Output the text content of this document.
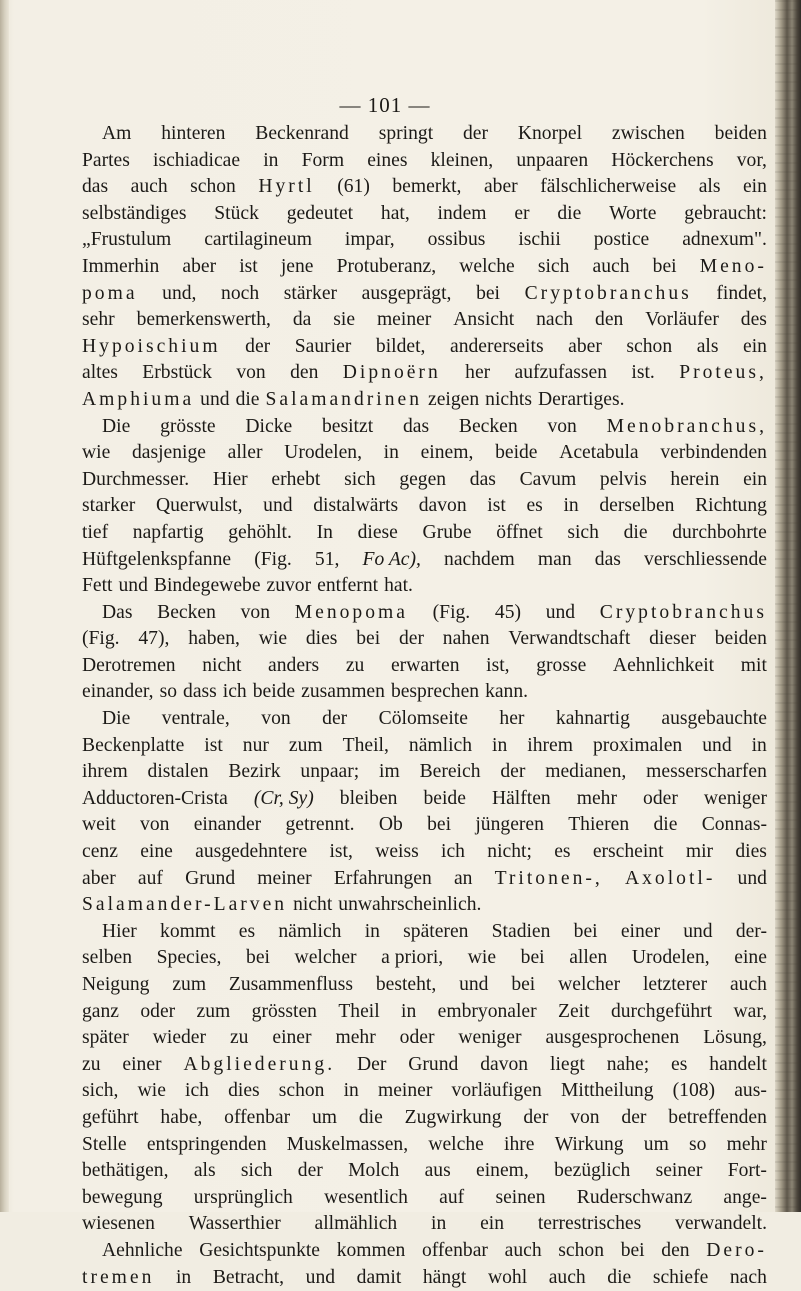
— 101 —
Am hinteren Beckenrand springt der Knorpel zwischen beiden
Partes ischiadicae in Form eines kleinen, unpaaren Höckerchens vor,
das auch schon Hyrtl (61) bemerkt, aber fälschlicherweise als ein
selbständiges Stück gedeutet hat, indem er die Worte gebraucht:
„Frustulum cartilagineum impar, ossibus ischii postice adnexum".
Immerhin aber ist jene Protuberanz, welche sich auch bei Meno-
poma und, noch stärker ausgeprägt, bei Cryptobranchus findet,
sehr bemerkenswerth, da sie meiner Ansicht nach den Vorläufer des
Hypoischium der Saurier bildet, andererseits aber schon als ein
altes Erbstück von den Dipnoërn her aufzufassen ist. Proteus,
Amphiuma und die Salamandrinen zeigen nichts Derartiges.
Die grösste Dicke besitzt das Becken von Menobranchus,
wie dasjenige aller Urodelen, in einem, beide Acetabula verbindenden
Durchmesser. Hier erhebt sich gegen das Cavum pelvis herein ein
starker Querwulst, und distalwärts davon ist es in derselben Richtung
tief napfartig gehöhlt. In diese Grube öffnet sich die durchbohrte
Hüftgelenkspfanne (Fig. 51, Fo Ac), nachdem man das verschliessende
Fett und Bindegewebe zuvor entfernt hat.
Das Becken von Menopoma (Fig. 45) und Cryptobranchus
(Fig. 47), haben, wie dies bei der nahen Verwandtschaft dieser beiden
Derotremen nicht anders zu erwarten ist, grosse Aehnlichkeit mit
einander, so dass ich beide zusammen besprechen kann.
Die ventrale, von der Cölomseite her kahnartig ausgebauchte
Beckenplatte ist nur zum Theil, nämlich in ihrem proximalen und in
ihrem distalen Bezirk unpaar; im Bereich der medianen, messerscharfen
Adductoren-Crista (Cr, Sy) bleiben beide Hälften mehr oder weniger
weit von einander getrennt. Ob bei jüngeren Thieren die Connas-
cenz eine ausgedehntere ist, weiss ich nicht; es erscheint mir dies
aber auf Grund meiner Erfahrungen an Tritonen-, Axolotl- und
Salamander-Larven nicht unwahrscheinlich.
Hier kommt es nämlich in späteren Stadien bei einer und der-
selben Species, bei welcher a priori, wie bei allen Urodelen, eine
Neigung zum Zusammenfluss besteht, und bei welcher letzterer auch
ganz oder zum grössten Theil in embryonaler Zeit durchgeführt war,
später wieder zu einer mehr oder weniger ausgesprochenen Lösung,
zu einer Abgliederung. Der Grund davon liegt nahe; es handelt
sich, wie ich dies schon in meiner vorläufigen Mittheilung (108) aus-
geführt habe, offenbar um die Zugwirkung der von der betreffenden
Stelle entspringenden Muskelmassen, welche ihre Wirkung um so mehr
bethätigen, als sich der Molch aus einem, bezüglich seiner Fort-
bewegung ursprünglich wesentlich auf seinen Ruderschwanz ange-
wiesenen Wasserthier allmählich in ein terrestrisches verwandelt.
Aehnliche Gesichtspunkte kommen offenbar auch schon bei den Dero-
tremen in Betracht, und damit hängt wohl auch die schiefe nach
